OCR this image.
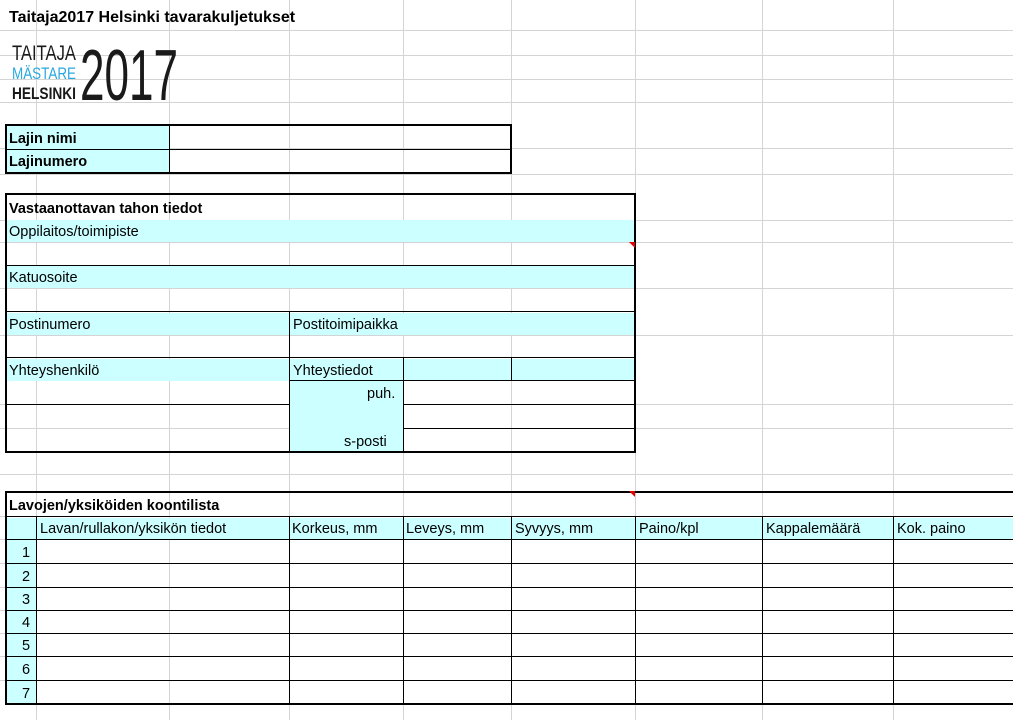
Taitaja2017 Helsinki tavarakuljetukset
TAITAJA
MÄSTARE
HELSINKI 2017
Lajin nimi
Lajinumero
Vastaanottavan tahon tiedot
Oppilaitos/toimipiste
Katuosoite
Postinumero	Postitoimipaikka
Yhteyshenkilö	Yhteystiedot
puh.
s-posti
Lavojen/yksiköiden koontilista
Lavan/rullakon/yksikön tiedot	Korkeus, mm Leveys, mm Syvyys, mm	Paino/kpl	Kappalemäärä	Kok. paino
1
2
3
4
5
6
7
